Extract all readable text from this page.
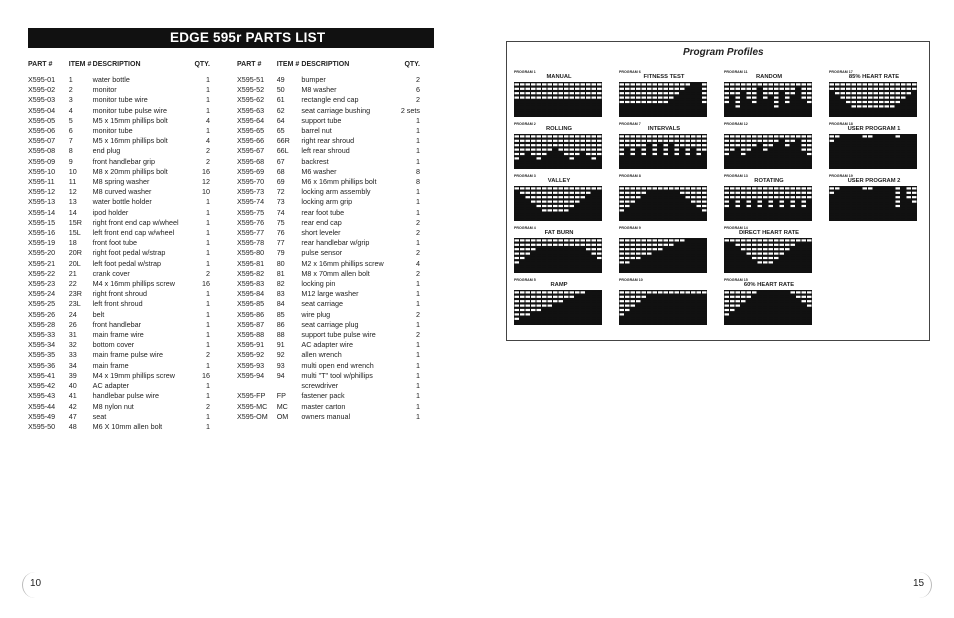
EDGE 595r PARTS LIST
PART #	ITEM #	DESCRIPTION	QTY.
X595-01	1	water bottle	1
X595-02	2	monitor	1
X595-03	3	monitor tube wire	1
X595-04	4	monitor tube pulse wire	1
X595-05	5	M5 x 15mm phillips bolt	4
X595-06	6	monitor tube	1
X595-07	7	M5 x 16mm phillips bolt	4
X595-08	8	end plug	2
X595-09	9	front handlebar grip	2
X595-10	10	M8 x 20mm phillips bolt	16
X595-11	11	M8 spring washer	12
X595-12	12	M8 curved washer	10
X595-13	13	water bottle holder	1
X595-14	14	ipod holder	1
X595-15	15R	right front end cap w/wheel	1
X595-16	15L	left front end cap w/wheel	1
X595-19	18	front foot tube	1
X595-20	20R	right foot pedal w/strap	1
X595-21	20L	left foot pedal w/strap	1
X595-22	21	crank cover	2
X595-23	22	M4 x 16mm phillips screw	16
X595-24	23R	right front shroud	1
X595-25	23L	left front shroud	1
X595-26	24	belt	1
X595-28	26	front handlebar	1
X595-33	31	main frame wire	1
X595-34	32	bottom cover	1
X595-35	33	main frame pulse wire	2
X595-36	34	main frame	1
X595-41	39	M4 x 19mm phillips screw	16
X595-42	40	AC adapter	1
X595-43	41	handlebar pulse wire	1
X595-44	42	M8 nylon nut	2
X595-49	47	seat	1
X595-50	48	M6 X 10mm allen bolt	1
PART #	ITEM #	DESCRIPTION	QTY.
X595-51	49	bumper	2
X595-52	50	M8 washer	6
X595-62	61	rectangle end cap	2
X595-63	62	seat carriage bushing	2 sets
X595-64	64	support tube	1
X595-65	65	barrel nut	1
X595-66	66R	right rear shroud	1
X595-67	66L	left rear shroud	1
X595-68	67	backrest	1
X595-69	68	M6 washer	8
X595-70	69	M6 x 16mm phillips bolt	8
X595-73	72	locking arm assembly	1
X595-74	73	locking arm grip	1
X595-75	74	rear foot tube	1
X595-76	75	rear end cap	2
X595-77	76	short leveler	2
X595-78	77	rear handlebar w/grip	1
X595-80	79	pulse sensor	2
X595-81	80	M2 x 16mm phillips screw	4
X595-82	81	M8 x 70mm allen bolt	2
X595-83	82	locking pin	1
X595-84	83	M12 large washer	1
X595-85	84	seat carriage	1
X595-86	85	wire plug	2
X595-87	86	seat carriage plug	1
X595-88	88	support tube pulse wire	2
X595-91	91	AC adapter wire	1
X595-92	92	allen wrench	1
X595-93	93	multi open end wrench	1
X595-94	94	multi "T" tool w/phillips	1
		screwdriver	1
X595-FP	FP	fastener pack	1
X595-MC	MC	master carton	1
X595-OM	OM	owners manual	1
Program Profiles
PROGRAM 1
MANUAL
PROGRAM 2
ROLLING
PROGRAM 3
VALLEY
PROGRAM 4
FAT BURN
PROGRAM 5
RAMP
PROGRAM 6
FITNESS TEST
PROGRAM 7
INTERVALS
PROGRAM 8
PROGRAM 9
PROGRAM 10
PROGRAM 11
RANDOM
PROGRAM 12
PROGRAM 13
ROTATING
PROGRAM 14
DIRECT HEART RATE
PROGRAM 15
60% HEART RATE
PROGRAM 17
85% HEART RATE
PROGRAM 18
USER PROGRAM 1
PROGRAM 19
USER PROGRAM 2
10	15
